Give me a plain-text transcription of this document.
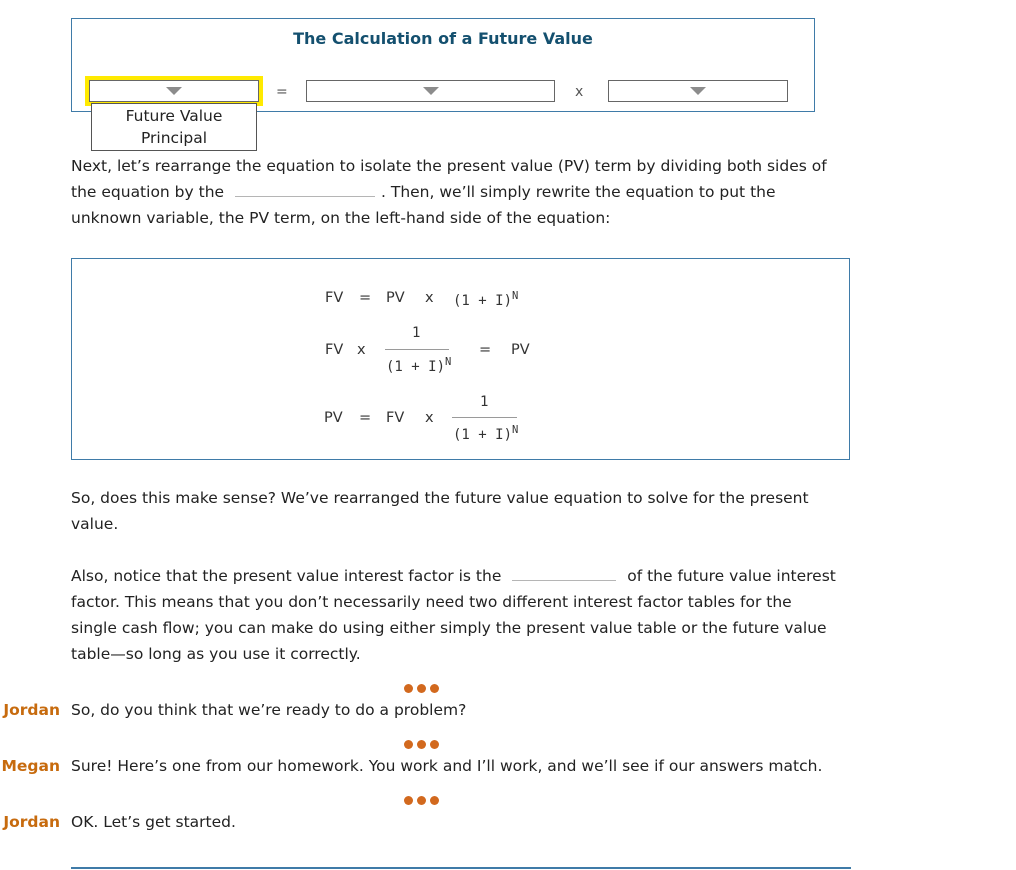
The Calculation of a Future Value
=	x
Future Value
Principal
Next, let’s rearrange the equation to isolate the present value (PV) term by dividing both sides of
the equation by the	. Then, we’ll simply rewrite the equation to put the
unknown variable, the PV term, on the left-hand side of the equation:
FV = PV x $(1 + I)^N$
FV x
1
$(1 + I)^N$
= PV
PV = FV x
1
$(1 + I)^N$
So, does this make sense? We’ve rearranged the future value equation to solve for the present
value.
Also, notice that the present value interest factor is the	of the future value interest
factor. This means that you don’t necessarily need two different interest factor tables for the
single cash flow; you can make do using either simply the present value table or the future value
table—so long as you use it correctly.
Jordan So, do you think that we’re ready to do a problem?
Megan Sure! Here’s one from our homework. You work and I’ll work, and we’ll see if our answers match.
Jordan OK. Let’s get started.
